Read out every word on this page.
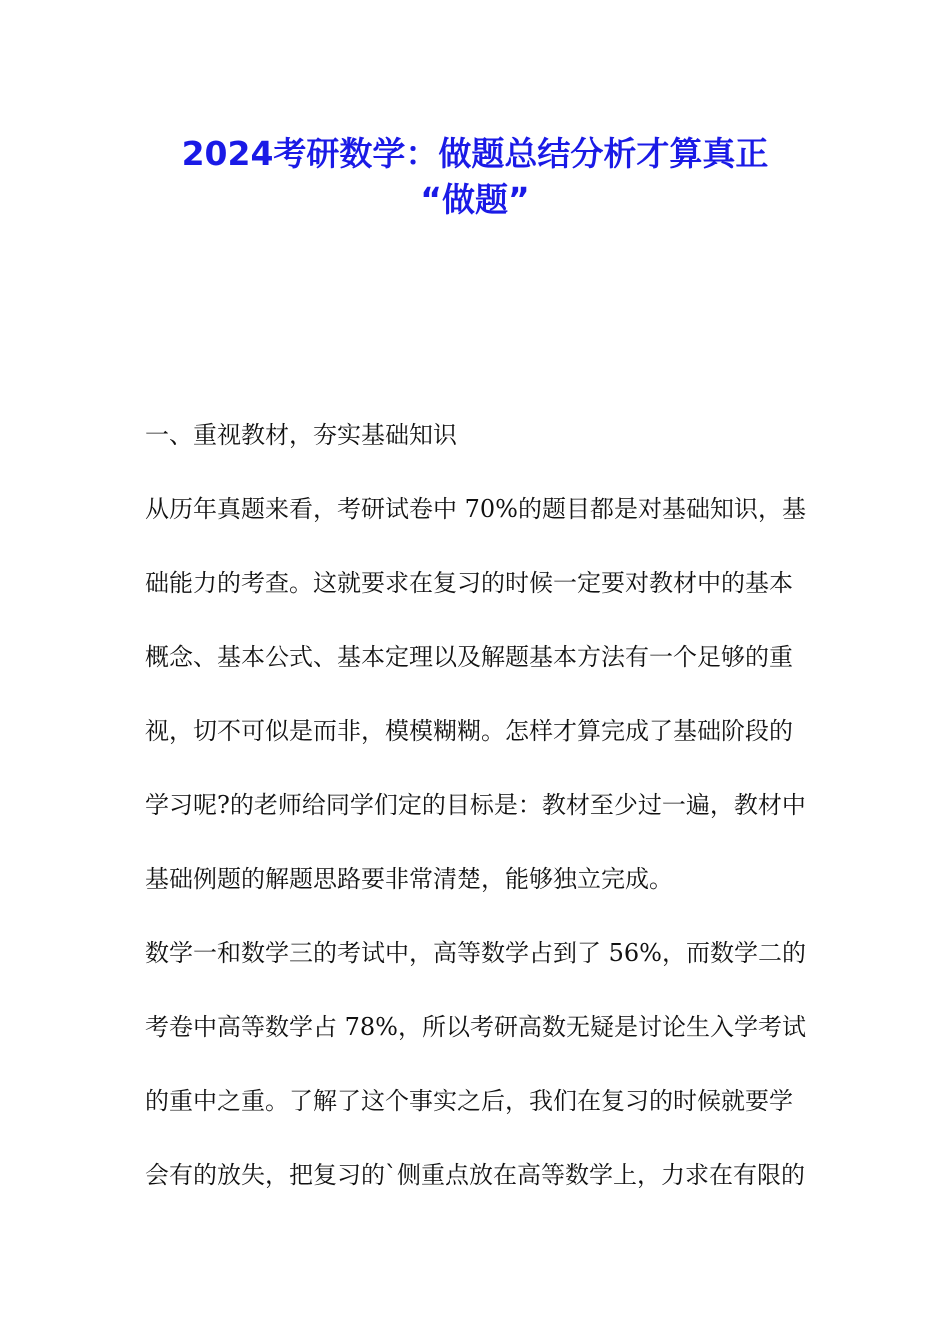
2024考研数学：做题总结分析才算真正
“做题”
一、重视教材，夯实基础知识
从历年真题来看，考研试卷中 70%的题目都是对基础知识，基
础能力的考查。这就要求在复习的时候一定要对教材中的基本
概念、基本公式、基本定理以及解题基本方法有一个足够的重
视，切不可似是而非，模模糊糊。怎样才算完成了基础阶段的
学习呢?的老师给同学们定的目标是：教材至少过一遍，教材中
基础例题的解题思路要非常清楚，能够独立完成。
数学一和数学三的考试中，高等数学占到了 56%，而数学二的
考卷中高等数学占 78%，所以考研高数无疑是讨论生入学考试
的重中之重。了解了这个事实之后，我们在复习的时候就要学
会有的放失，把复习的`侧重点放在高等数学上，力求在有限的
